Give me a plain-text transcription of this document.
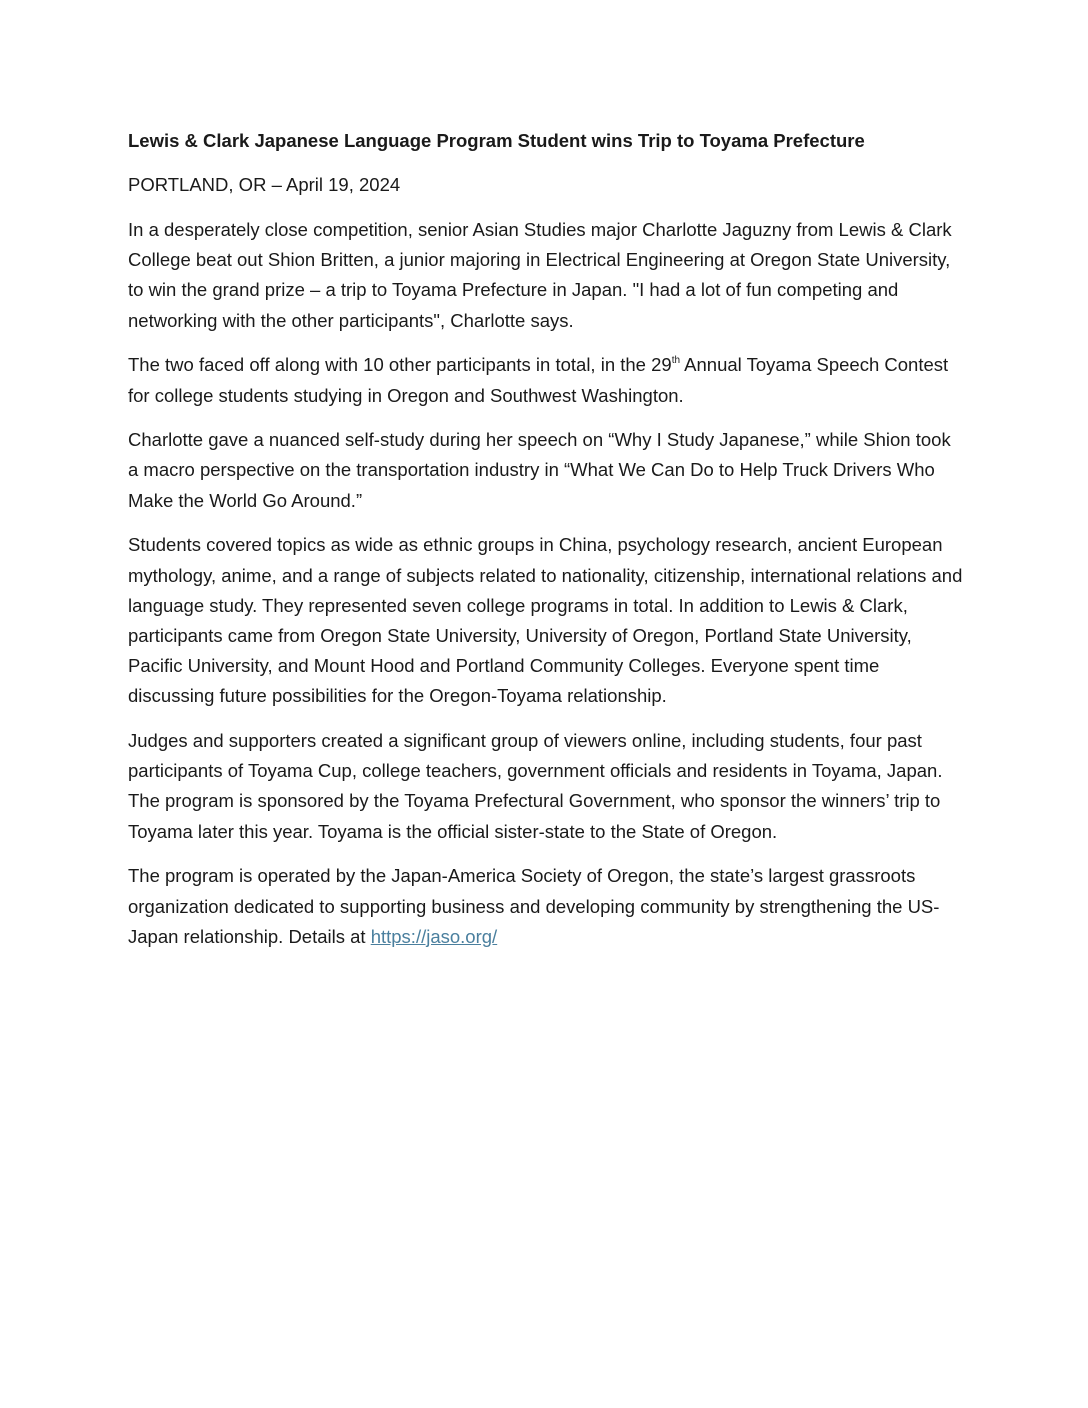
Lewis & Clark Japanese Language Program Student wins Trip to Toyama Prefecture
PORTLAND, OR – April 19, 2024

In a desperately close competition, senior Asian Studies major Charlotte Jaguzny from Lewis & Clark College beat out Shion Britten, a junior majoring in Electrical Engineering at Oregon State University, to win the grand prize – a trip to Toyama Prefecture in Japan. "I had a lot of fun competing and networking with the other participants", Charlotte says.

The two faced off along with 10 other participants in total, in the 29th Annual Toyama Speech Contest for college students studying in Oregon and Southwest Washington.

Charlotte gave a nuanced self-study during her speech on “Why I Study Japanese,” while Shion took a macro perspective on the transportation industry in “What We Can Do to Help Truck Drivers Who Make the World Go Around.”

Students covered topics as wide as ethnic groups in China, psychology research, ancient European mythology, anime, and a range of subjects related to nationality, citizenship, international relations and language study. They represented seven college programs in total. In addition to Lewis & Clark, participants came from Oregon State University, University of Oregon, Portland State University, Pacific University, and Mount Hood and Portland Community Colleges. Everyone spent time discussing future possibilities for the Oregon-Toyama relationship.

Judges and supporters created a significant group of viewers online, including students, four past participants of Toyama Cup, college teachers, government officials and residents in Toyama, Japan. The program is sponsored by the Toyama Prefectural Government, who sponsor the winners’ trip to Toyama later this year. Toyama is the official sister-state to the State of Oregon.

The program is operated by the Japan-America Society of Oregon, the state’s largest grassroots organization dedicated to supporting business and developing community by strengthening the US-Japan relationship. Details at https://jaso.org/
